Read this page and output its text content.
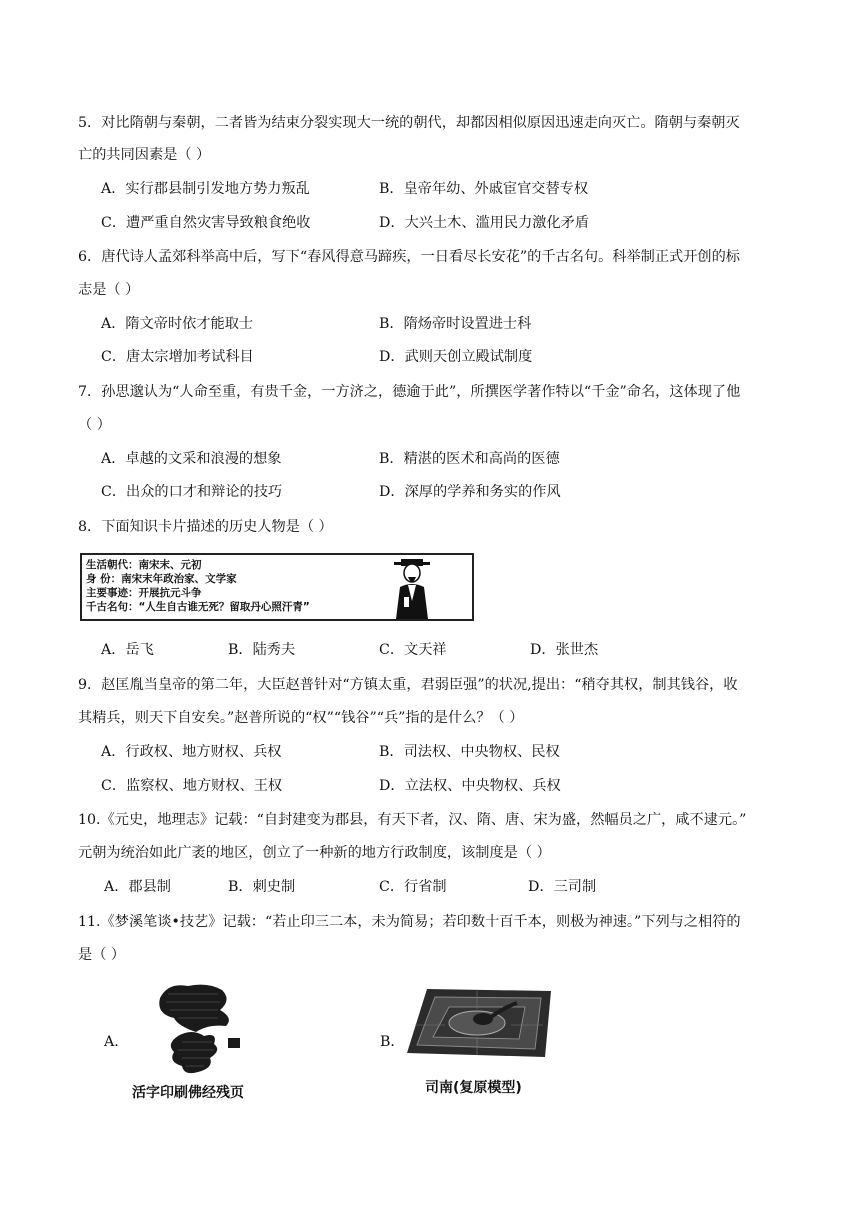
5．对比隋朝与秦朝，二者皆为结束分裂实现大一统的朝代，却都因相似原因迅速走向灭亡。隋朝与秦朝灭
亡的共同因素是（ ）
A．实行郡县制引发地方势力叛乱	B．皇帝年幼、外戚宦官交替专权
C．遭严重自然灾害导致粮食绝收	D．大兴土木、滥用民力激化矛盾
6．唐代诗人孟郊科举高中后，写下“春风得意马蹄疾，一日看尽长安花”的千古名句。科举制正式开创的标
志是（ ）
A．隋文帝时依才能取士	B．隋炀帝时设置进士科
C．唐太宗增加考试科目	D．武则天创立殿试制度
7．孙思邈认为“人命至重，有贵千金，一方济之，德逾于此”，所撰医学著作特以“千金”命名，这体现了他
（ ）
A．卓越的文采和浪漫的想象	B．精湛的医术和高尚的医德
C．出众的口才和辩论的技巧	D．深厚的学养和务实的作风
8．下面知识卡片描述的历史人物是（ ）
生活朝代：南宋末、元初
身 份：南宋末年政治家、文学家
主要事迹：开展抗元斗争
千古名句：“人生自古谁无死？留取丹心照汗青”
A．岳飞	B．陆秀夫	C．文天祥	D．张世杰
9．赵匡胤当皇帝的第二年，大臣赵普针对“方镇太重，君弱臣强”的状况,提出：“稍夺其权，制其钱谷，收
其精兵，则天下自安矣。”赵普所说的“权”“钱谷”“兵”指的是什么？（ ）
A．行政权、地方财权、兵权	B．司法权、中央物权、民权
C．监察权、地方财权、王权	D．立法权、中央物权、兵权
10.《元史，地理志》记载：“自封建变为郡县，有天下者，汉、隋、唐、宋为盛，然幅员之广，咸不逮元。”
元朝为统治如此广袤的地区，创立了一种新的地方行政制度，该制度是（ ）
A．郡县制	B．刺史制	C．行省制	D．三司制
11.《梦溪笔谈•技艺》记载：“若止印三二本，未为简易；若印数十百千本，则极为神速。”下列与之相符的
是（ ）
A．
活字印刷佛经残页
B．
司南(复原模型)
